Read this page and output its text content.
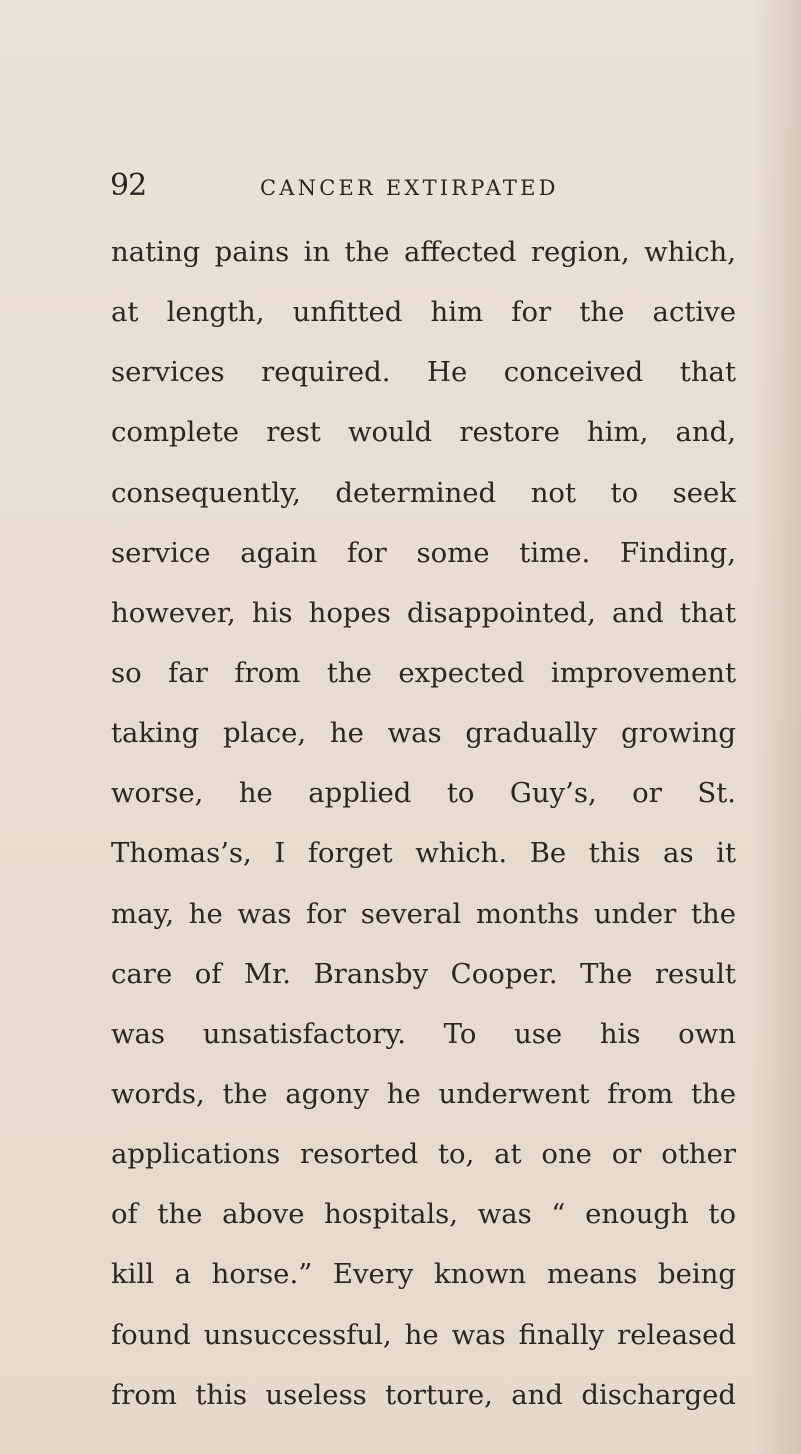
92	CANCER EXTIRPATED
nating pains in the affected region, which,
at length, unfitted him for the active
services required. He conceived that
complete rest would restore him, and,
consequently, determined not to seek
service again for some time. Finding,
however, his hopes disappointed, and that
so far from the expected improvement
taking place, he was gradually growing
worse, he applied to Guy’s, or St.
Thomas’s, I forget which. Be this as it
may, he was for several months under the
care of Mr. Bransby Cooper. The result
was unsatisfactory. To use his own
words, the agony he underwent from the
applications resorted to, at one or other
of the above hospitals, was “ enough to
kill a horse.” Every known means being
found unsuccessful, he was finally released
from this useless torture, and discharged
